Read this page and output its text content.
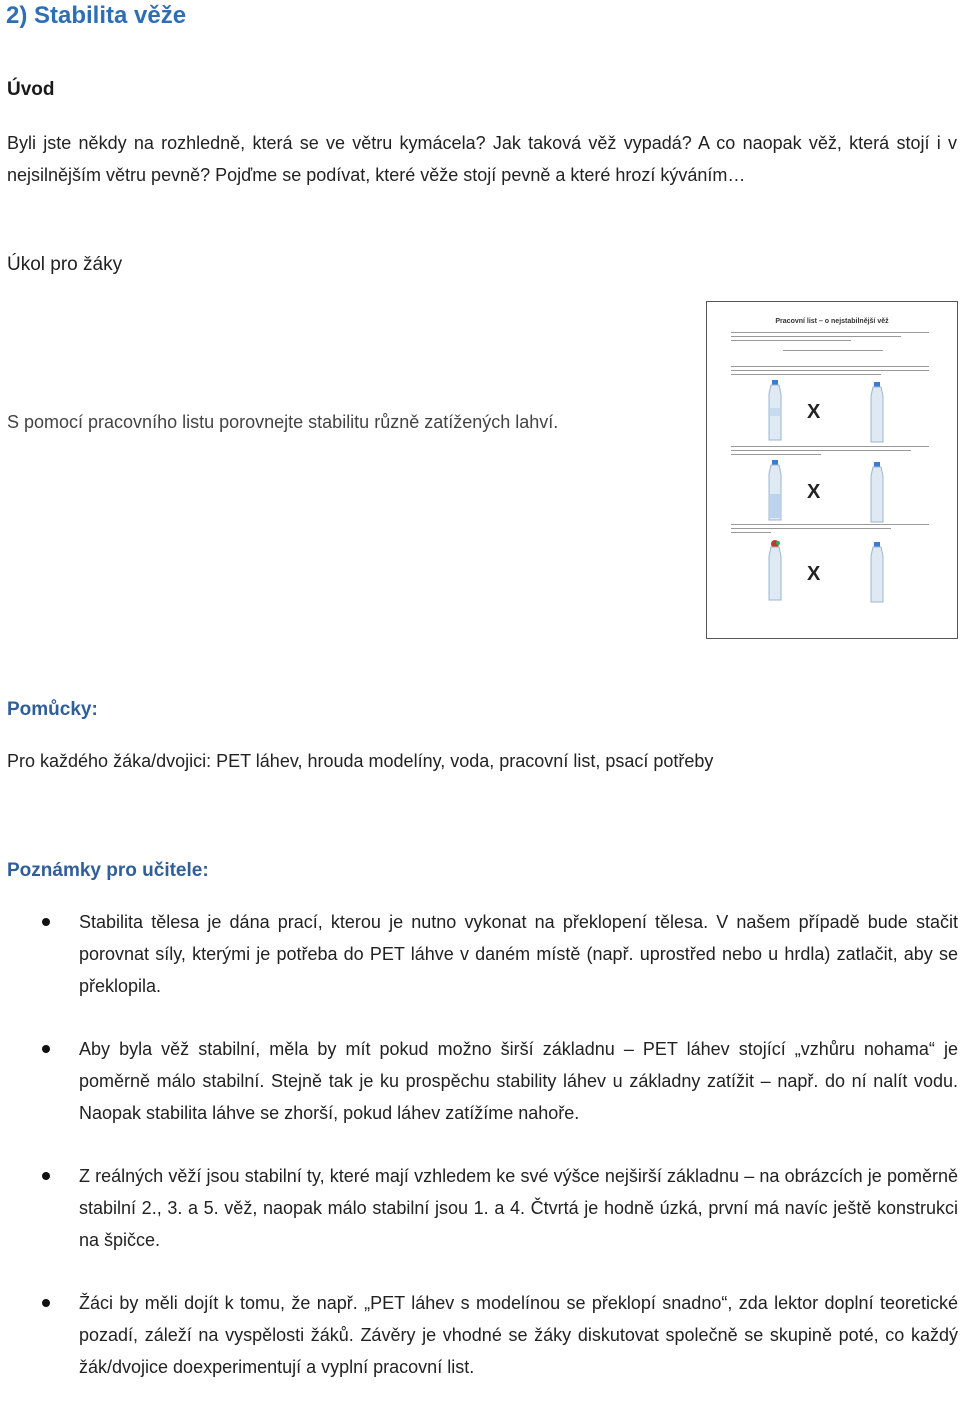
2) Stabilita věže
Úvod

Byli jste někdy na rozhledně, která se ve větru kymácela? Jak taková věž vypadá? A co naopak věž, která stojí i v nejsilnějším větru pevně? Pojďme se podívat, které věže stojí pevně a které hrozí kýváním…

Úkol pro žáky

S pomocí pracovního listu porovnejte stabilitu různě zatížených lahví.

Pracovní list – o nejstabilnější věž
X
X
X
Pomůcky:

Pro každého žáka/dvojici: PET láhev, hrouda modelíny, voda, pracovní list, psací potřeby

Poznámky pro učitele:
Stabilita tělesa je dána prací, kterou je nutno vykonat na překlopení tělesa. V našem případě bude stačit porovnat síly, kterými je potřeba do PET láhve v daném místě (např. uprostřed nebo u hrdla) zatlačit, aby se překlopila.
Aby byla věž stabilní, měla by mít pokud možno širší základnu – PET láhev stojící „vzhůru nohama“ je poměrně málo stabilní. Stejně tak je ku prospěchu stability láhev u základny zatížit – např. do ní nalít vodu. Naopak stabilita láhve se zhorší, pokud láhev zatížíme nahoře.
Z reálných věží jsou stabilní ty, které mají vzhledem ke své výšce nejširší základnu – na obrázcích je poměrně stabilní 2., 3. a 5. věž, naopak málo stabilní jsou 1. a 4. Čtvrtá je hodně úzká, první má navíc ještě konstrukci na špičce.
Žáci by měli dojít k tomu, že např. „PET láhev s modelínou se překlopí snadno“, zda lektor doplní teoretické pozadí, záleží na vyspělosti žáků. Závěry je vhodné se žáky diskutovat společně se skupině poté, co každý žák/dvojice doexperimentují a vyplní pracovní list.
